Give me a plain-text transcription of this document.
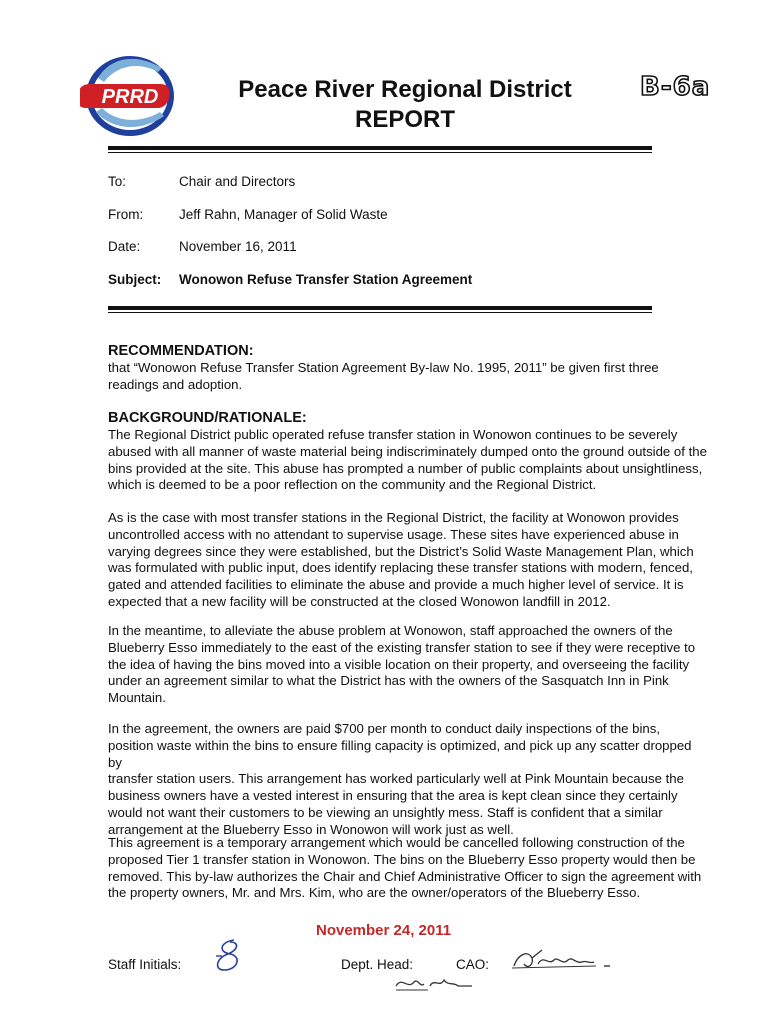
PRRD	Peace River Regional District
REPORT
B-6a
To:	Chair and Directors
From:	Jeff Rahn, Manager of Solid Waste
Date:	November 16, 2011
Subject: Wonowon Refuse Transfer Station Agreement
RECOMMENDATION:
that “Wonowon Refuse Transfer Station Agreement By-law No. 1995, 2011” be given first three
readings and adoption.
BACKGROUND/RATIONALE:
The Regional District public operated refuse transfer station in Wonowon continues to be severely
abused with all manner of waste material being indiscriminately dumped onto the ground outside of the
bins provided at the site. This abuse has prompted a number of public complaints about unsightliness,
which is deemed to be a poor reflection on the community and the Regional District.
As is the case with most transfer stations in the Regional District, the facility at Wonowon provides
uncontrolled access with no attendant to supervise usage. These sites have experienced abuse in
varying degrees since they were established, but the District’s Solid Waste Management Plan, which
was formulated with public input, does identify replacing these transfer stations with modern, fenced,
gated and attended facilities to eliminate the abuse and provide a much higher level of service. It is
expected that a new facility will be constructed at the closed Wonowon landfill in 2012.
In the meantime, to alleviate the abuse problem at Wonowon, staff approached the owners of the
Blueberry Esso immediately to the east of the existing transfer station to see if they were receptive to
the idea of having the bins moved into a visible location on their property, and overseeing the facility
under an agreement similar to what the District has with the owners of the Sasquatch Inn in Pink
Mountain.
In the agreement, the owners are paid $700 per month to conduct daily inspections of the bins,
position waste within the bins to ensure filling capacity is optimized, and pick up any scatter dropped by
transfer station users. This arrangement has worked particularly well at Pink Mountain because the
business owners have a vested interest in ensuring that the area is kept clean since they certainly
would not want their customers to be viewing an unsightly mess. Staff is confident that a similar
arrangement at the Blueberry Esso in Wonowon will work just as well.
This agreement is a temporary arrangement which would be cancelled following construction of the
proposed Tier 1 transfer station in Wonowon. The bins on the Blueberry Esso property would then be
removed. This by-law authorizes the Chair and Chief Administrative Officer to sign the agreement with
the property owners, Mr. and Mrs. Kim, who are the owner/operators of the Blueberry Esso.
November 24, 2011
Staff Initials:	Dept. Head:	CAO:
